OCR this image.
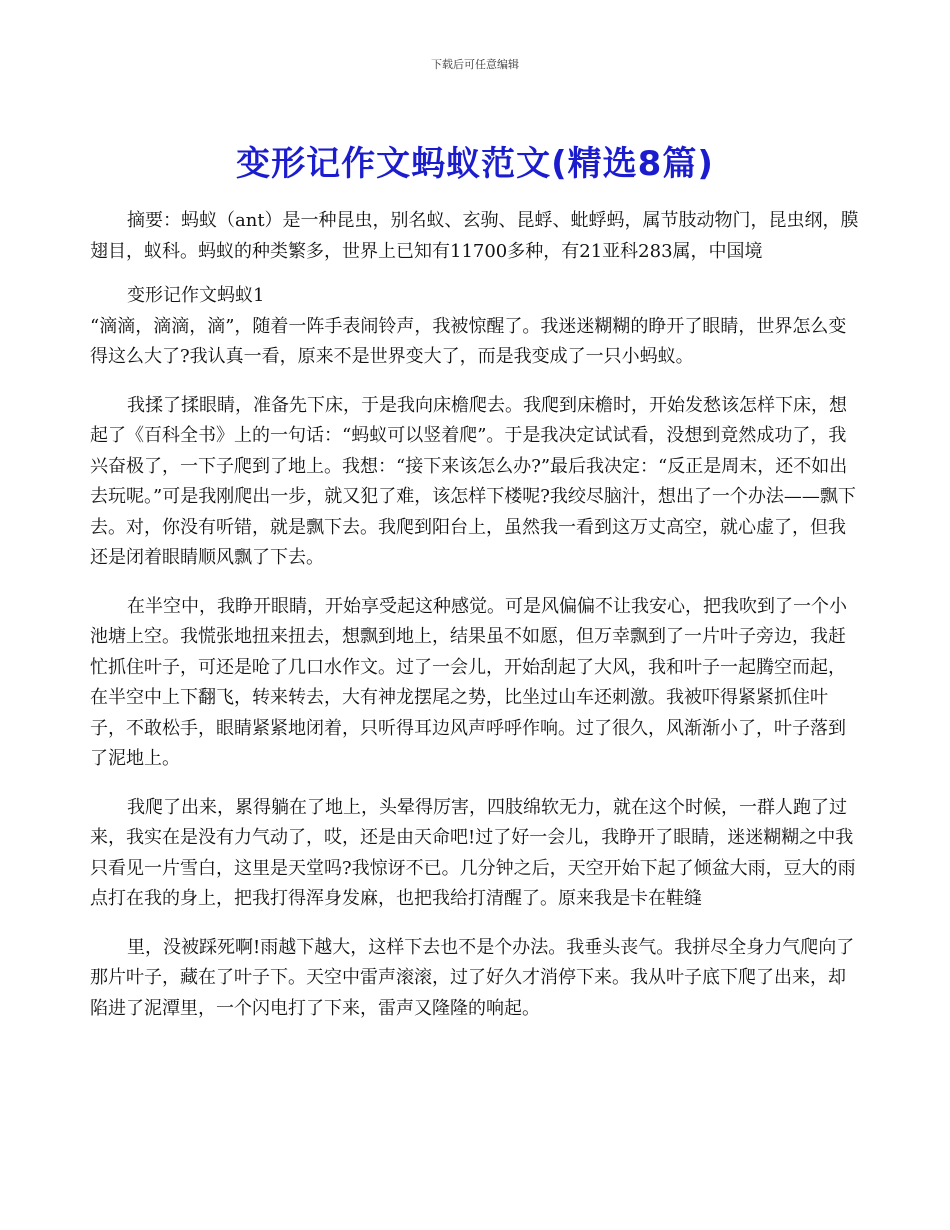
下载后可任意编辑
变形记作文蚂蚁范文(精选8篇)

摘要：蚂蚁（ant）是一种昆虫，别名蚁、玄驹、昆蜉、蚍蜉蚂，属节肢动物门，昆虫纲，膜翅目，蚁科。蚂蚁的种类繁多，世界上已知有11700多种，有21亚科283属，中国境

变形记作文蚂蚁1

“滴滴，滴滴，滴”，随着一阵手表闹铃声，我被惊醒了。我迷迷糊糊的睁开了眼睛，世界怎么变得这么大了?我认真一看，原来不是世界变大了，而是我变成了一只小蚂蚁。

我揉了揉眼睛，准备先下床，于是我向床檐爬去。我爬到床檐时，开始发愁该怎样下床，想起了《百科全书》上的一句话：“蚂蚁可以竖着爬”。于是我决定试试看，没想到竟然成功了，我兴奋极了，一下子爬到了地上。我想：“接下来该怎么办?”最后我决定：“反正是周末，还不如出去玩呢。”可是我刚爬出一步，就又犯了难，该怎样下楼呢?我绞尽脑汁，想出了一个办法——飘下去。对，你没有听错，就是飘下去。我爬到阳台上，虽然我一看到这万丈高空，就心虚了，但我还是闭着眼睛顺风飘了下去。

在半空中，我睁开眼睛，开始享受起这种感觉。可是风偏偏不让我安心，把我吹到了一个小池塘上空。我慌张地扭来扭去，想飘到地上，结果虽不如愿，但万幸飘到了一片叶子旁边，我赶忙抓住叶子，可还是呛了几口水作文。过了一会儿，开始刮起了大风，我和叶子一起腾空而起，在半空中上下翻飞，转来转去，大有神龙摆尾之势，比坐过山车还刺激。我被吓得紧紧抓住叶子，不敢松手，眼睛紧紧地闭着，只听得耳边风声呼呼作响。过了很久，风渐渐小了，叶子落到了泥地上。

我爬了出来，累得躺在了地上，头晕得厉害，四肢绵软无力，就在这个时候，一群人跑了过来，我实在是没有力气动了，哎，还是由天命吧!过了好一会儿，我睁开了眼睛，迷迷糊糊之中我只看见一片雪白，这里是天堂吗?我惊讶不已。几分钟之后，天空开始下起了倾盆大雨，豆大的雨点打在我的身上，把我打得浑身发麻，也把我给打清醒了。原来我是卡在鞋缝

里，没被踩死啊!雨越下越大，这样下去也不是个办法。我垂头丧气。我拼尽全身力气爬向了那片叶子，藏在了叶子下。天空中雷声滚滚，过了好久才消停下来。我从叶子底下爬了出来，却陷进了泥潭里，一个闪电打了下来，雷声又隆隆的响起。
